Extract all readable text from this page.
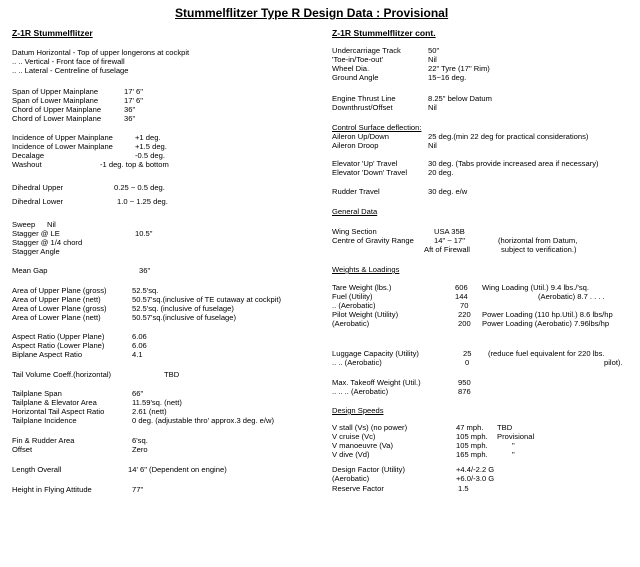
Stummelflitzer Type R Design Data : Provisional
Z-1R Stummelflitzer
Datum Horizontal - Top of upper longerons at cockpit
.. .. Vertical - Front face of firewall
.. .. Lateral - Centreline of fuselage
Span of Upper Mainplane	17' 6"
Span of Lower Mainplane	17' 6"
Chord of Upper Mainplane	36"
Chord of Lower Mainplane	36"
Incidence of Upper Mainplane	+1 deg.
Incidence of Lower Mainplane	+1.5 deg.
Decalage	-0.5 deg.
Washout	-1 deg. top & bottom
Dihedral Upper	0.25 ~ 0.5 deg.
Dihedral Lower	1.0 ~ 1.25 deg.
Sweep Nil
Stagger @ LE	10.5"
Stagger @ 1/4 chord
Stagger Angle
Mean Gap	36"
Area of Upper Plane (gross)	52.5'sq.
Area of Upper Plane (nett)	50.57'sq.(inclusive of TE cutaway at cockpit)
Area of Lower Plane (gross)	52.5'sq. (inclusive of fuselage)
Area of Lower Plane (nett)	50.57'sq.(inclusive of fuselage)
Aspect Ratio (Upper Plane)	6.06
Aspect Ratio (Lower Plane)	6.06
Biplane Aspect Ratio	4.1
Tail Volume Coeff.(horizontal)	TBD
Tailplane Span	66"
Tailplane & Elevator Area	11.59'sq. (nett)
Horizontal Tail Aspect Ratio	2.61 (nett)
Tailplane Incidence	0 deg. (adjustable thro' approx.3 deg. e/w)
Fin & Rudder Area	6'sq.
Offset	Zero
Length Overall	14' 6" (Dependent on engine)
Height in Flying Attitude	77"
Z-1R Stummelflitzer cont.
Undercarriage Track	50"
'Toe-in/Toe-out'	Nil
Wheel Dia.	22" Tyre (17" Rim)
Ground Angle	15~16 deg.
Engine Thrust Line	8.25" below Datum
Downthrust/Offset	Nil
Control Surface deflection:
Aileron Up/Down	25 deg.(min 22 deg for practical considerations)
Aileron Droop	Nil
Elevator 'Up' Travel	30 deg. (Tabs provide increased area if necessary)
Elevator 'Down' Travel	20 deg.
Rudder Travel	30 deg. e/w
General Data
Wing Section	USA 35B
Centre of Gravity Range	14" ~ 17"	(horizontal from Datum,
Aft of Firewall	subject to verification.)
Weights & Loadings
Tare Weight (lbs.)	606 Wing Loading (Util.) 9.4 lbs./'sq.
Fuel (Utility)	144	(Aerobatic) 8.7 . . . .
.. (Aerobatic)	70
Pilot Weight (Utility)	220 Power Loading (110 hp.Util.) 8.6 lbs/hp
(Aerobatic)	200 Power Loading (Aerobatic) 7.96lbs/hp
Luggage Capacity (Utility)	25 (reduce fuel equivalent for 220 lbs.
.. .. (Aerobatic)	0	pilot).
Max. Takeoff Weight (Util.)	950
.. .. .. (Aerobatic)	876
Design Speeds
V stall (Vs) (no power)	47 mph. TBD
V cruise (Vc)	105 mph. Provisional
V manoeuvre (Va)	105 mph.	"
V dive (Vd)	165 mph.	"
Design Factor (Utility)	+4.4/-2.2 G
(Aerobatic)	+6.0/-3.0 G
Reserve Factor	1.5
